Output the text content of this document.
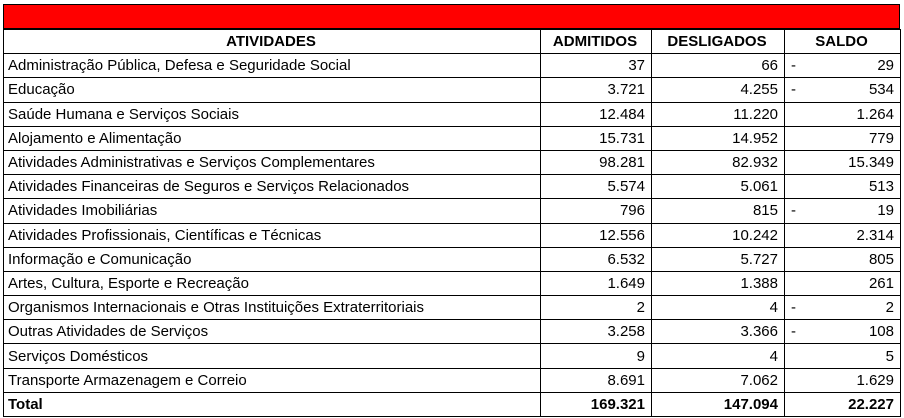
ATIVIDADES	ADMITIDOS	DESLIGADOS	SALDO
Administração Pública, Defesa e Seguridade Social	37	66	- 29
Educação	3.721	4.255	- 534
Saúde Humana e Serviços Sociais	12.484	11.220	1.264
Alojamento e Alimentação	15.731	14.952	779
Atividades Administrativas e Serviços Complementares	98.281	82.932	15.349
Atividades Financeiras de Seguros e Serviços Relacionados	5.574	5.061	513
Atividades Imobiliárias	796	815	- 19
Atividades Profissionais, Científicas e Técnicas	12.556	10.242	2.314
Informação e Comunicação	6.532	5.727	805
Artes, Cultura, Esporte e Recreação	1.649	1.388	261
Organismos Internacionais e Otras Instituições Extraterritoriais	2	4	- 2
Outras Atividades de Serviços	3.258	3.366	- 108
Serviços Domésticos	9	4	5
Transporte Armazenagem e Correio	8.691	7.062	1.629
Total	169.321	147.094	22.227
